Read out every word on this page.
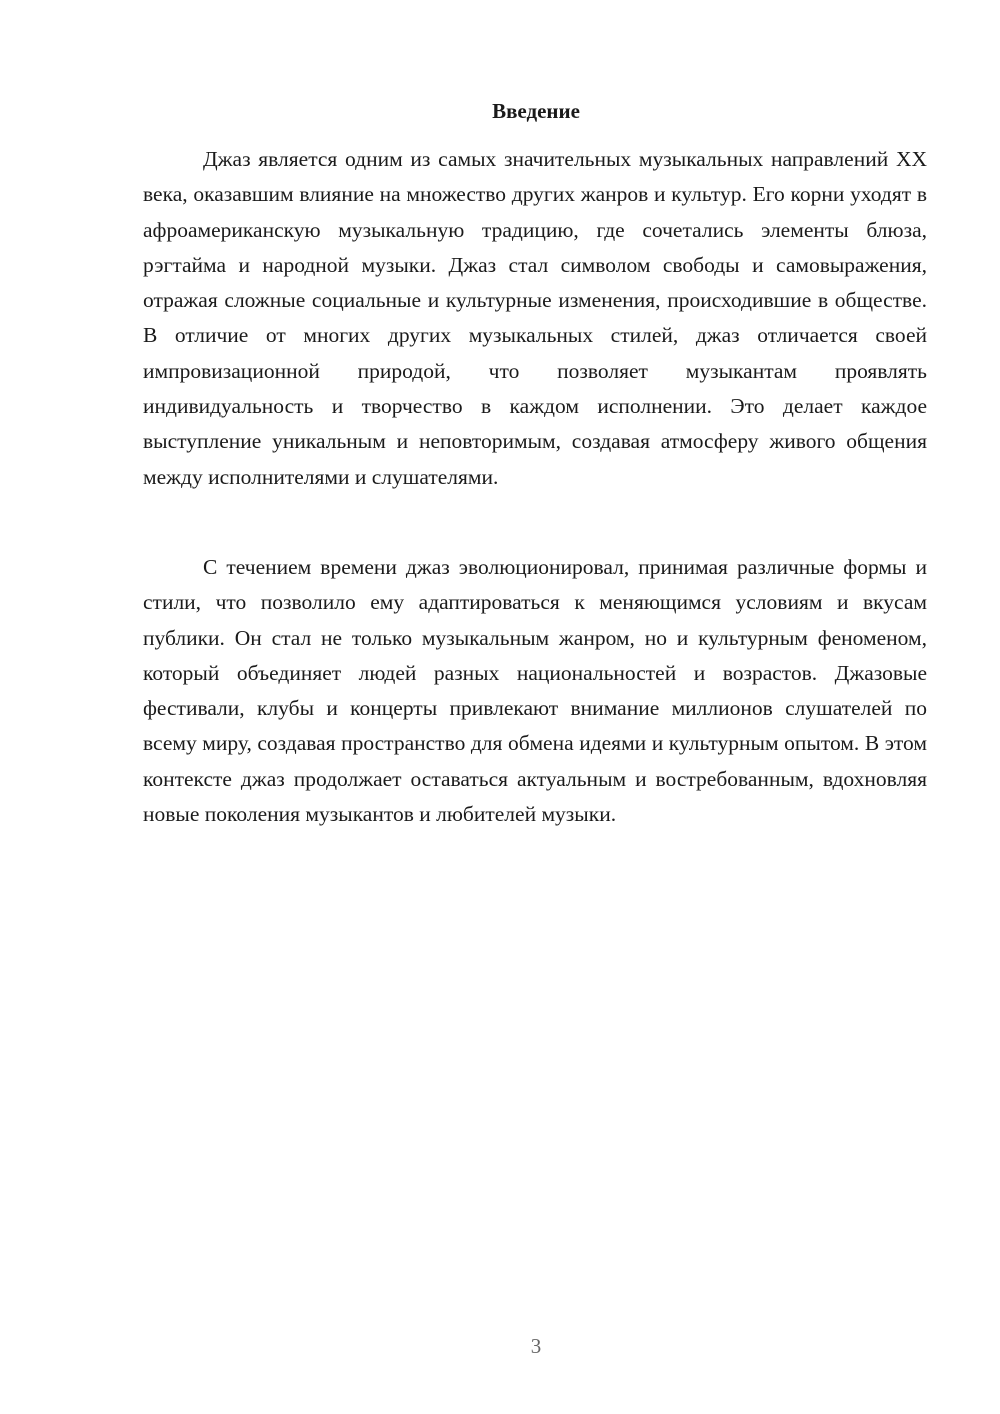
Введение

Джаз является одним из самых значительных музыкальных направлений XX века, оказавшим влияние на множество других жанров и культур. Его корни уходят в афроамериканскую музыкальную традицию, где сочетались элементы блюза, рэгтайма и народной музыки. Джаз стал символом свободы и самовыражения, отражая сложные социальные и культурные изменения, происходившие в обществе. В отличие от многих других музыкальных стилей, джаз отличается своей импровизационной природой, что позволяет музыкантам проявлять индивидуальность и творчество в каждом исполнении. Это делает каждое выступление уникальным и неповторимым, создавая атмосферу живого общения между исполнителями и слушателями.

С течением времени джаз эволюционировал, принимая различные формы и стили, что позволило ему адаптироваться к меняющимся условиям и вкусам публики. Он стал не только музыкальным жанром, но и культурным феноменом, который объединяет людей разных национальностей и возрастов. Джазовые фестивали, клубы и концерты привлекают внимание миллионов слушателей по всему миру, создавая пространство для обмена идеями и культурным опытом. В этом контексте джаз продолжает оставаться актуальным и востребованным, вдохновляя новые поколения музыкантов и любителей музыки.

3
